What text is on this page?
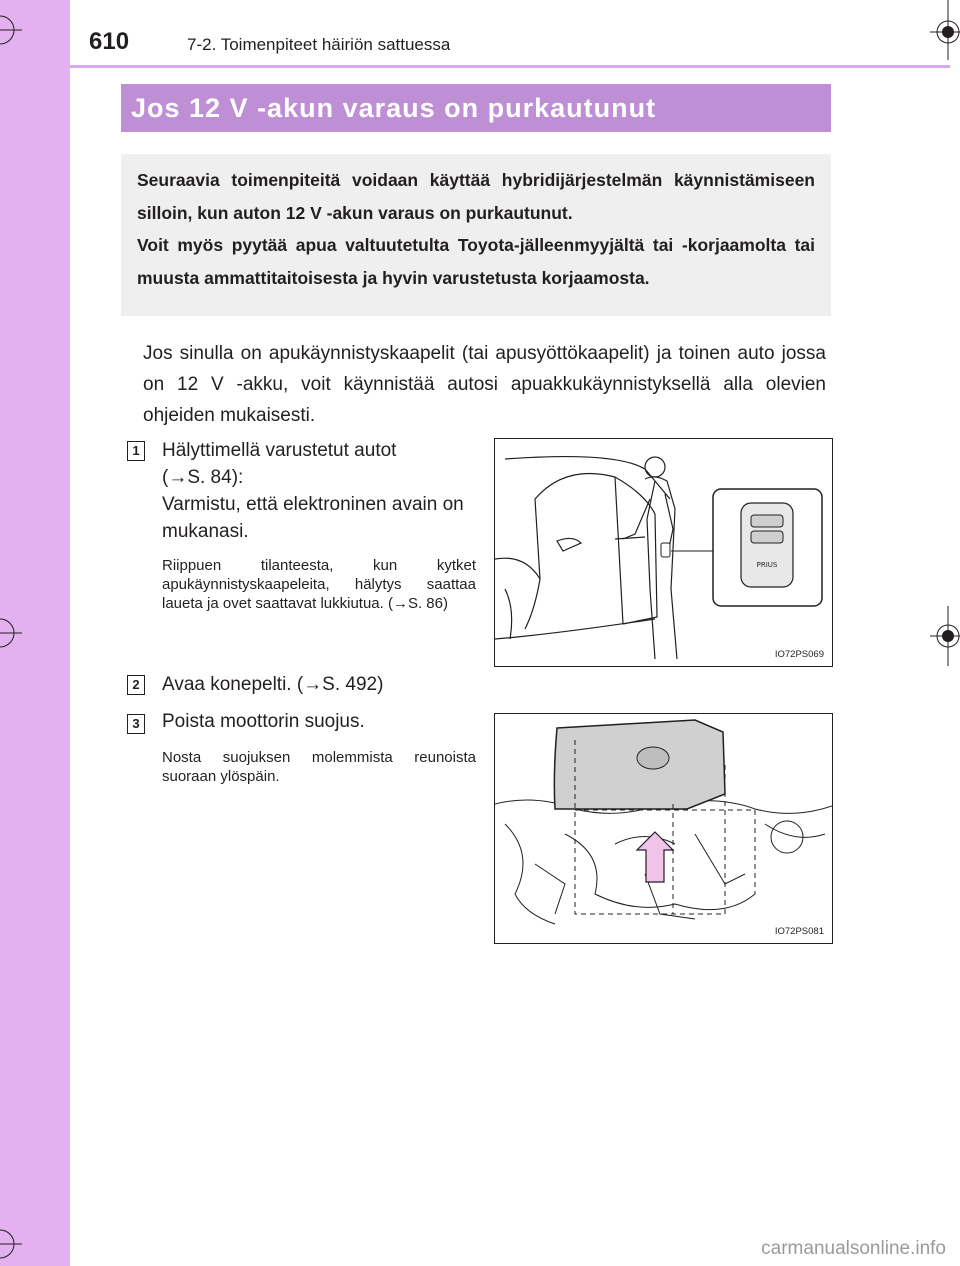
610	7-2. Toimenpiteet häiriön sattuessa
Jos 12 V -akun varaus on purkautunut

Seuraavia toimenpiteitä voidaan käyttää hybridijärjestelmän käynnistämiseen silloin, kun auton 12 V -akun varaus on purkautunut.

Voit myös pyytää apua valtuutetulta Toyota-jälleenmyyjältä tai -korjaamolta tai muusta ammattitaitoisesta ja hyvin varustetusta korjaamosta.

Jos sinulla on apukäynnistyskaapelit (tai apusyöttökaapelit) ja toinen auto jossa on 12 V -akku, voit käynnistää autosi apuakkukäynnistyksellä alla olevien ohjeiden mukaisesti.

1 Hälyttimellä varustetut autot
(→S. 84):
Varmistu, että elektroninen avain on mukanasi.
Riippuen tilanteesta, kun kytket apukäynnistyskaapeleita, hälytys saattaa laueta ja ovet saattavat lukkiutua. (→S. 86)
2 Avaa konepelti. (→S. 492)
3 Poista moottorin suojus.
Nosta suojuksen molemmista reunoista suoraan ylöspäin.
PRIUS
IO72PS069
IO72PS081
carmanualsonline.info
